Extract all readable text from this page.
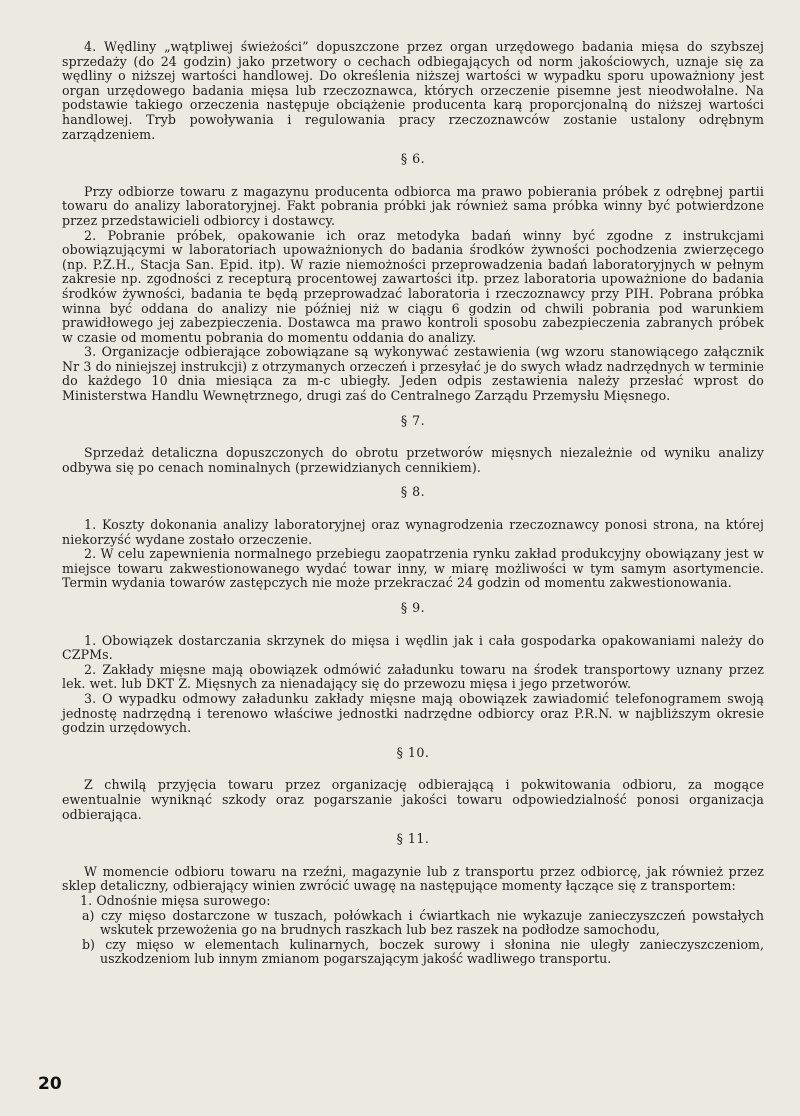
4. Wędliny „wątpliwej świeżości” dopuszczone przez organ urzędowego badania mięsa do szybszej sprzedaży (do 24 godzin) jako przetwory o cechach odbiegających od norm jakościowych, uznaje się za wędliny o niższej wartości handlowej. Do określenia niższej wartości w wypadku sporu upoważniony jest organ urzędowego badania mięsa lub rzeczoznawca, których orzeczenie pisemne jest nieodwołalne. Na podstawie takiego orzeczenia następuje obciążenie producenta karą proporcjonalną do niższej wartości handlowej. Tryb powoływania i regulowania pracy rzeczoznawców zostanie ustalony odrębnym zarządzeniem.

§ 6.

Przy odbiorze towaru z magazynu producenta odbiorca ma prawo pobierania próbek z odrębnej partii towaru do analizy laboratoryjnej. Fakt pobrania próbki jak również sama próbka winny być potwierdzone przez przedstawicieli odbiorcy i dostawcy.

2. Pobranie próbek, opakowanie ich oraz metodyka badań winny być zgodne z instrukcjami obowiązującymi w laboratoriach upoważnionych do badania środków żywności pochodzenia zwierzęcego (np. P.Z.H., Stacja San. Epid. itp). W razie niemożności przeprowadzenia badań laboratoryjnych w pełnym zakresie np. zgodności z recepturą procentowej zawartości itp. przez laboratoria upoważnione do badania środków żywności, badania te będą przeprowadzać laboratoria i rzeczoznawcy przy PIH. Pobrana próbka winna być oddana do analizy nie później niż w ciągu 6 godzin od chwili pobrania pod warunkiem prawidłowego jej zabezpieczenia. Dostawca ma prawo kontroli sposobu zabezpieczenia zabranych próbek w czasie od momentu pobrania do momentu oddania do analizy.

3. Organizacje odbierające zobowiązane są wykonywać zestawienia (wg wzoru stanowiącego załącznik Nr 3 do niniejszej instrukcji) z otrzymanych orzeczeń i przesyłać je do swych władz nadrzędnych w terminie do każdego 10 dnia miesiąca za m-c ubiegły. Jeden odpis zestawienia należy przesłać wprost do Ministerstwa Handlu Wewnętrznego, drugi zaś do Centralnego Zarządu Przemysłu Mięsnego.

§ 7.

Sprzedaż detaliczna dopuszczonych do obrotu przetworów mięsnych niezależnie od wyniku analizy odbywa się po cenach nominalnych (przewidzianych cennikiem).

§ 8.

1. Koszty dokonania analizy laboratoryjnej oraz wynagrodzenia rzeczoznawcy ponosi strona, na której niekorzyść wydane zostało orzeczenie.

2. W celu zapewnienia normalnego przebiegu zaopatrzenia rynku zakład produkcyjny obowiązany jest w miejsce towaru zakwestionowanego wydać towar inny, w miarę możliwości w tym samym asortymencie. Termin wydania towarów zastępczych nie może przekraczać 24 godzin od momentu zakwestionowania.

§ 9.

1. Obowiązek dostarczania skrzynek do mięsa i wędlin jak i cała gospodarka opakowaniami należy do CZPMs.

2. Zakłady mięsne mają obowiązek odmówić załadunku towaru na środek transportowy uznany przez lek. wet. lub DKT Z. Mięsnych za nienadający się do przewozu mięsa i jego przetworów.

3. O wypadku odmowy załadunku zakłady mięsne mają obowiązek zawiadomić telefonogramem swoją jednostę nadrzędną i terenowo właściwe jednostki nadrzędne odbiorcy oraz P.R.N. w najbliższym okresie godzin urzędowych.

§ 10.

Z chwilą przyjęcia towaru przez organizację odbierającą i pokwitowania odbioru, za mogące ewentualnie wyniknąć szkody oraz pogarszanie jakości towaru odpowiedzialność ponosi organizacja odbierająca.

§ 11.

W momencie odbioru towaru na rzeźni, magazynie lub z transportu przez odbiorcę, jak również przez sklep detaliczny, odbierający winien zwrócić uwagę na następujące momenty łączące się z transportem:

1. Odnośnie mięsa surowego:

a) czy mięso dostarczone w tuszach, połówkach i ćwiartkach nie wykazuje zanieczyszczeń powstałych wskutek przewożenia go na brudnych raszkach lub bez raszek na podłodze samochodu,

b) czy mięso w elementach kulinarnych, boczek surowy i słonina nie uległy zanieczyszczeniom, uszkodzeniom lub innym zmianom pogarszającym jakość wadliwego transportu.

20
